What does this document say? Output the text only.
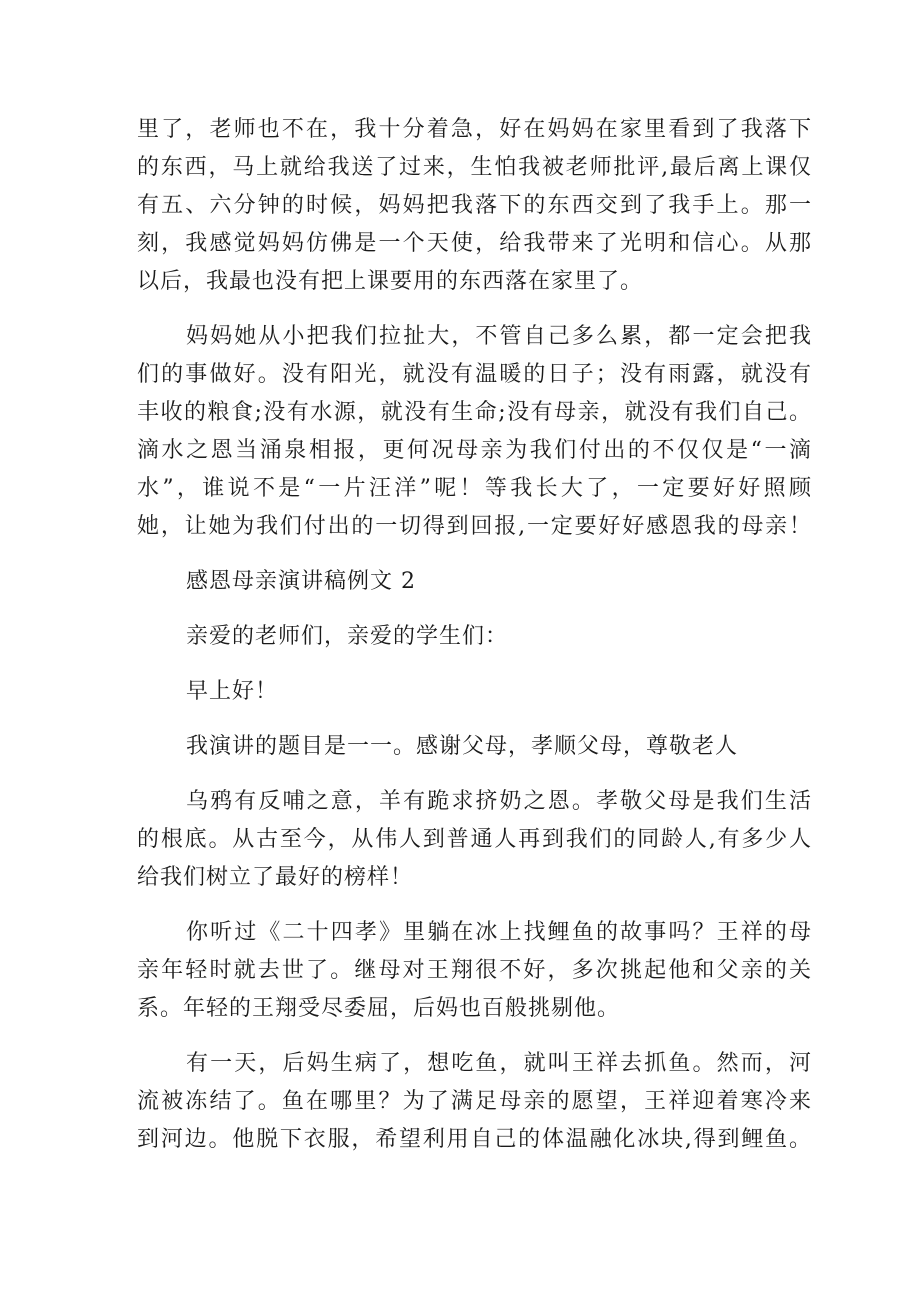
里了，老师也不在，我十分着急，好在妈妈在家里看到了我落下
的东西，马上就给我送了过来，生怕我被老师批评,最后离上课仅
有五、六分钟的时候，妈妈把我落下的东西交到了我手上。那一
刻，我感觉妈妈仿佛是一个天使，给我带来了光明和信心。从那
以后，我最也没有把上课要用的东西落在家里了。
妈妈她从小把我们拉扯大，不管自己多么累，都一定会把我
们的事做好。没有阳光，就没有温暖的日子；没有雨露，就没有
丰收的粮食;没有水源，就没有生命;没有母亲，就没有我们自己。
滴水之恩当涌泉相报，更何况母亲为我们付出的不仅仅是“一滴
水”，谁说不是“一片汪洋”呢！等我长大了，一定要好好照顾
她，让她为我们付出的一切得到回报,一定要好好感恩我的母亲！
感恩母亲演讲稿例文 2
亲爱的老师们，亲爱的学生们：
早上好！
我演讲的题目是一一。感谢父母，孝顺父母，尊敬老人
乌鸦有反哺之意，羊有跪求挤奶之恩。孝敬父母是我们生活
的根底。从古至今，从伟人到普通人再到我们的同龄人,有多少人
给我们树立了最好的榜样！
你听过《二十四孝》里躺在冰上找鲤鱼的故事吗？王祥的母
亲年轻时就去世了。继母对王翔很不好，多次挑起他和父亲的关
系。年轻的王翔受尽委屈，后妈也百般挑剔他。
有一天，后妈生病了，想吃鱼，就叫王祥去抓鱼。然而，河
流被冻结了。鱼在哪里？为了满足母亲的愿望，王祥迎着寒冷来
到河边。他脱下衣服，希望利用自己的体温融化冰块,得到鲤鱼。
